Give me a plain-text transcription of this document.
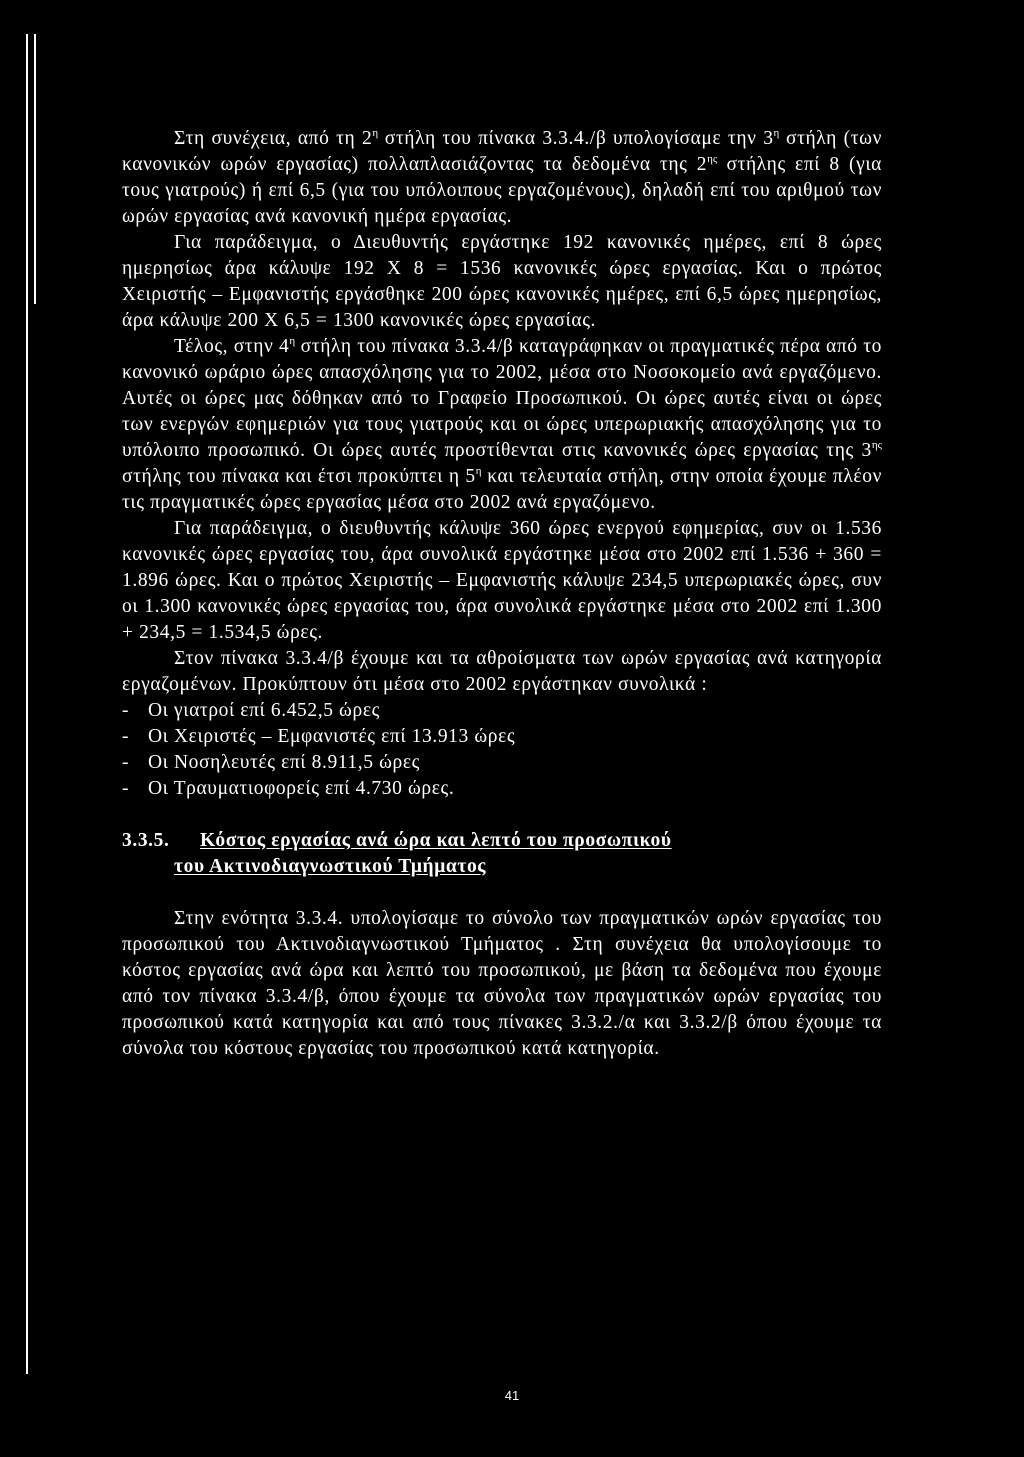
Στη συνέχεια, από τη $2^\eta$ στήλη του πίνακα 3.3.4./β υπολογίσαμε την $3^\eta$ στήλη (των κανονικών ωρών εργασίας) πολλαπλασιάζοντας τα δεδομένα της $2^{\eta\varsigma}$ στήλης επί 8 (για τους γιατρούς) ή επί 6,5 (για του υπόλοιπους εργαζομένους), δηλαδή επί του αριθμού των ωρών εργασίας ανά κανονική ημέρα εργασίας.

Για παράδειγμα, ο Διευθυντής εργάστηκε 192 κανονικές ημέρες, επί 8 ώρες ημερησίως άρα κάλυψε 192 Χ 8 = 1536 κανονικές ώρες εργασίας. Και ο πρώτος Χειριστής – Εμφανιστής εργάσθηκε 200 ώρες κανονικές ημέρες, επί 6,5 ώρες ημερησίως, άρα κάλυψε 200 Χ 6,5 = 1300 κανονικές ώρες εργασίας.

Τέλος, στην $4^\eta$ στήλη του πίνακα 3.3.4/β καταγράφηκαν οι πραγματικές πέρα από το κανονικό ωράριο ώρες απασχόλησης για το 2002, μέσα στο Νοσοκομείο ανά εργαζόμενο. Αυτές οι ώρες μας δόθηκαν από το Γραφείο Προσωπικού. Οι ώρες αυτές είναι οι ώρες των ενεργών εφημεριών για τους γιατρούς και οι ώρες υπερωριακής απασχόλησης για το υπόλοιπο προσωπικό. Οι ώρες αυτές προστίθενται στις κανονικές ώρες εργασίας της $3^{\eta\varsigma}$ στήλης του πίνακα και έτσι προκύπτει η $5^\eta$ και τελευταία στήλη, στην οποία έχουμε πλέον τις πραγματικές ώρες εργασίας μέσα στο 2002 ανά εργαζόμενο.

Για παράδειγμα, ο διευθυντής κάλυψε 360 ώρες ενεργού εφημερίας, συν οι 1.536 κανονικές ώρες εργασίας του, άρα συνολικά εργάστηκε μέσα στο 2002 επί 1.536 + 360 = 1.896 ώρες. Και ο πρώτος Χειριστής – Εμφανιστής κάλυψε 234,5 υπερωριακές ώρες, συν οι 1.300 κανονικές ώρες εργασίας του, άρα συνολικά εργάστηκε μέσα στο 2002 επί 1.300 + 234,5 = 1.534,5 ώρες.

Στον πίνακα 3.3.4/β έχουμε και τα αθροίσματα των ωρών εργασίας ανά κατηγορία εργαζομένων. Προκύπτουν ότι μέσα στο 2002 εργάστηκαν συνολικά :

- Οι γιατροί επί 6.452,5 ώρες
- Οι Χειριστές – Εμφανιστές επί 13.913 ώρες
- Οι Νοσηλευτές επί 8.911,5 ώρες
- Οι Τραυματιοφορείς επί 4.730 ώρες.
3.3.5. Κόστος εργασίας ανά ώρα και λεπτό του προσωπικού
του Ακτινοδιαγνωστικού Τμήματος

Στην ενότητα 3.3.4. υπολογίσαμε το σύνολο των πραγματικών ωρών εργασίας του προσωπικού του Ακτινοδιαγνωστικού Τμήματος . Στη συνέχεια θα υπολογίσουμε το κόστος εργασίας ανά ώρα και λεπτό του προσωπικού, με βάση τα δεδομένα που έχουμε από τον πίνακα 3.3.4/β, όπου έχουμε τα σύνολα των πραγματικών ωρών εργασίας του προσωπικού κατά κατηγορία και από τους πίνακες 3.3.2./α και 3.3.2/β όπου έχουμε τα σύνολα του κόστους εργασίας του προσωπικού κατά κατηγορία.

41
